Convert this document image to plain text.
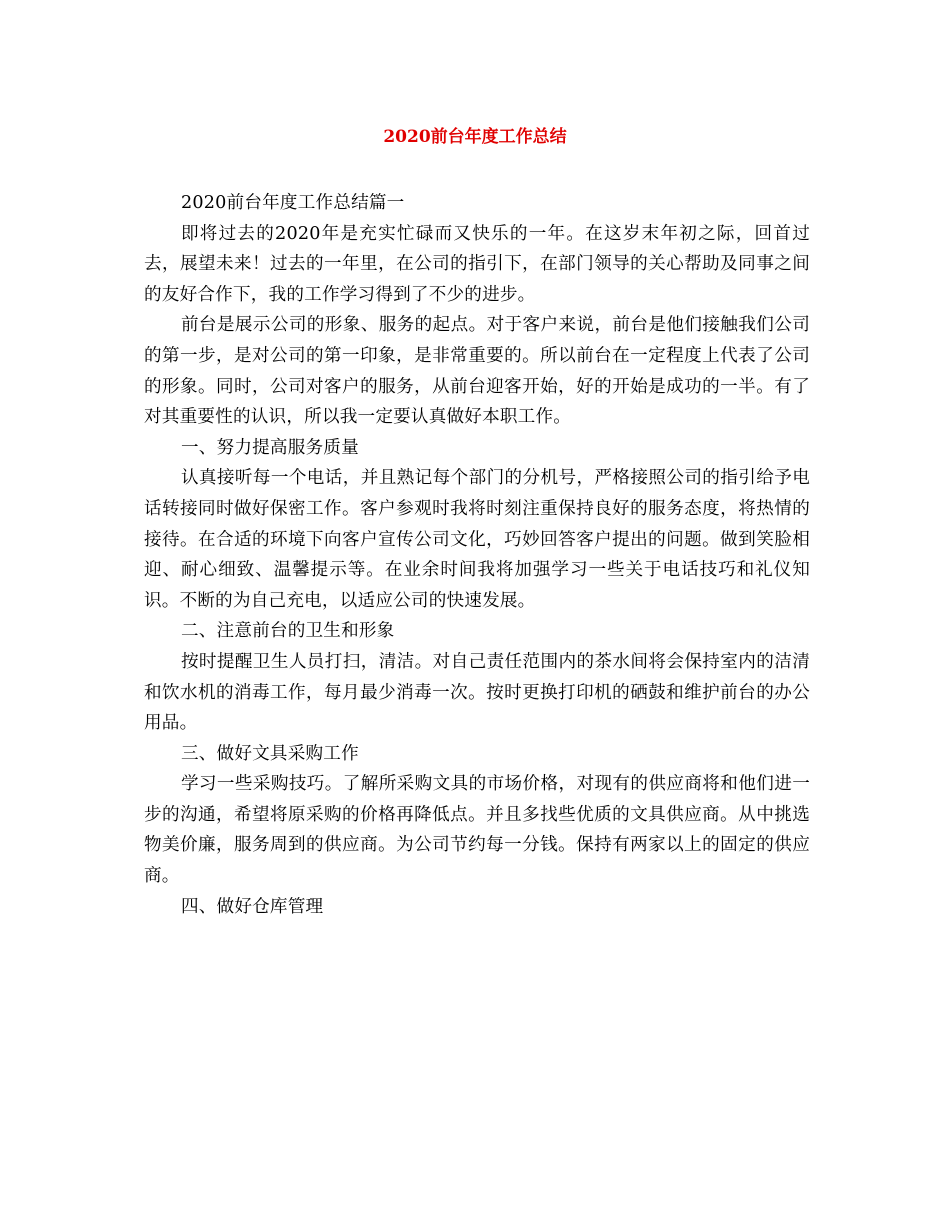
2020前台年度工作总结

2020前台年度工作总结篇一

即将过去的2020年是充实忙碌而又快乐的一年。在这岁末年初之际，回首过去，展望未来！过去的一年里，在公司的指引下，在部门领导的关心帮助及同事之间的友好合作下，我的工作学习得到了不少的进步。

前台是展示公司的形象、服务的起点。对于客户来说，前台是他们接触我们公司的第一步，是对公司的第一印象，是非常重要的。所以前台在一定程度上代表了公司的形象。同时，公司对客户的服务，从前台迎客开始，好的开始是成功的一半。有了对其重要性的认识，所以我一定要认真做好本职工作。

一、努力提高服务质量

认真接听每一个电话，并且熟记每个部门的分机号，严格接照公司的指引给予电话转接同时做好保密工作。客户参观时我将时刻注重保持良好的服务态度，将热情的接待。在合适的环境下向客户宣传公司文化，巧妙回答客户提出的问题。做到笑脸相迎、耐心细致、温馨提示等。在业余时间我将加强学习一些关于电话技巧和礼仪知识。不断的为自己充电，以适应公司的快速发展。

二、注意前台的卫生和形象

按时提醒卫生人员打扫，清洁。对自己责任范围内的茶水间将会保持室内的洁清和饮水机的消毒工作，每月最少消毒一次。按时更换打印机的硒鼓和维护前台的办公用品。

三、做好文具采购工作

学习一些采购技巧。了解所采购文具的市场价格，对现有的供应商将和他们进一步的沟通，希望将原采购的价格再降低点。并且多找些优质的文具供应商。从中挑选物美价廉，服务周到的供应商。为公司节约每一分钱。保持有两家以上的固定的供应商。

四、做好仓库管理
